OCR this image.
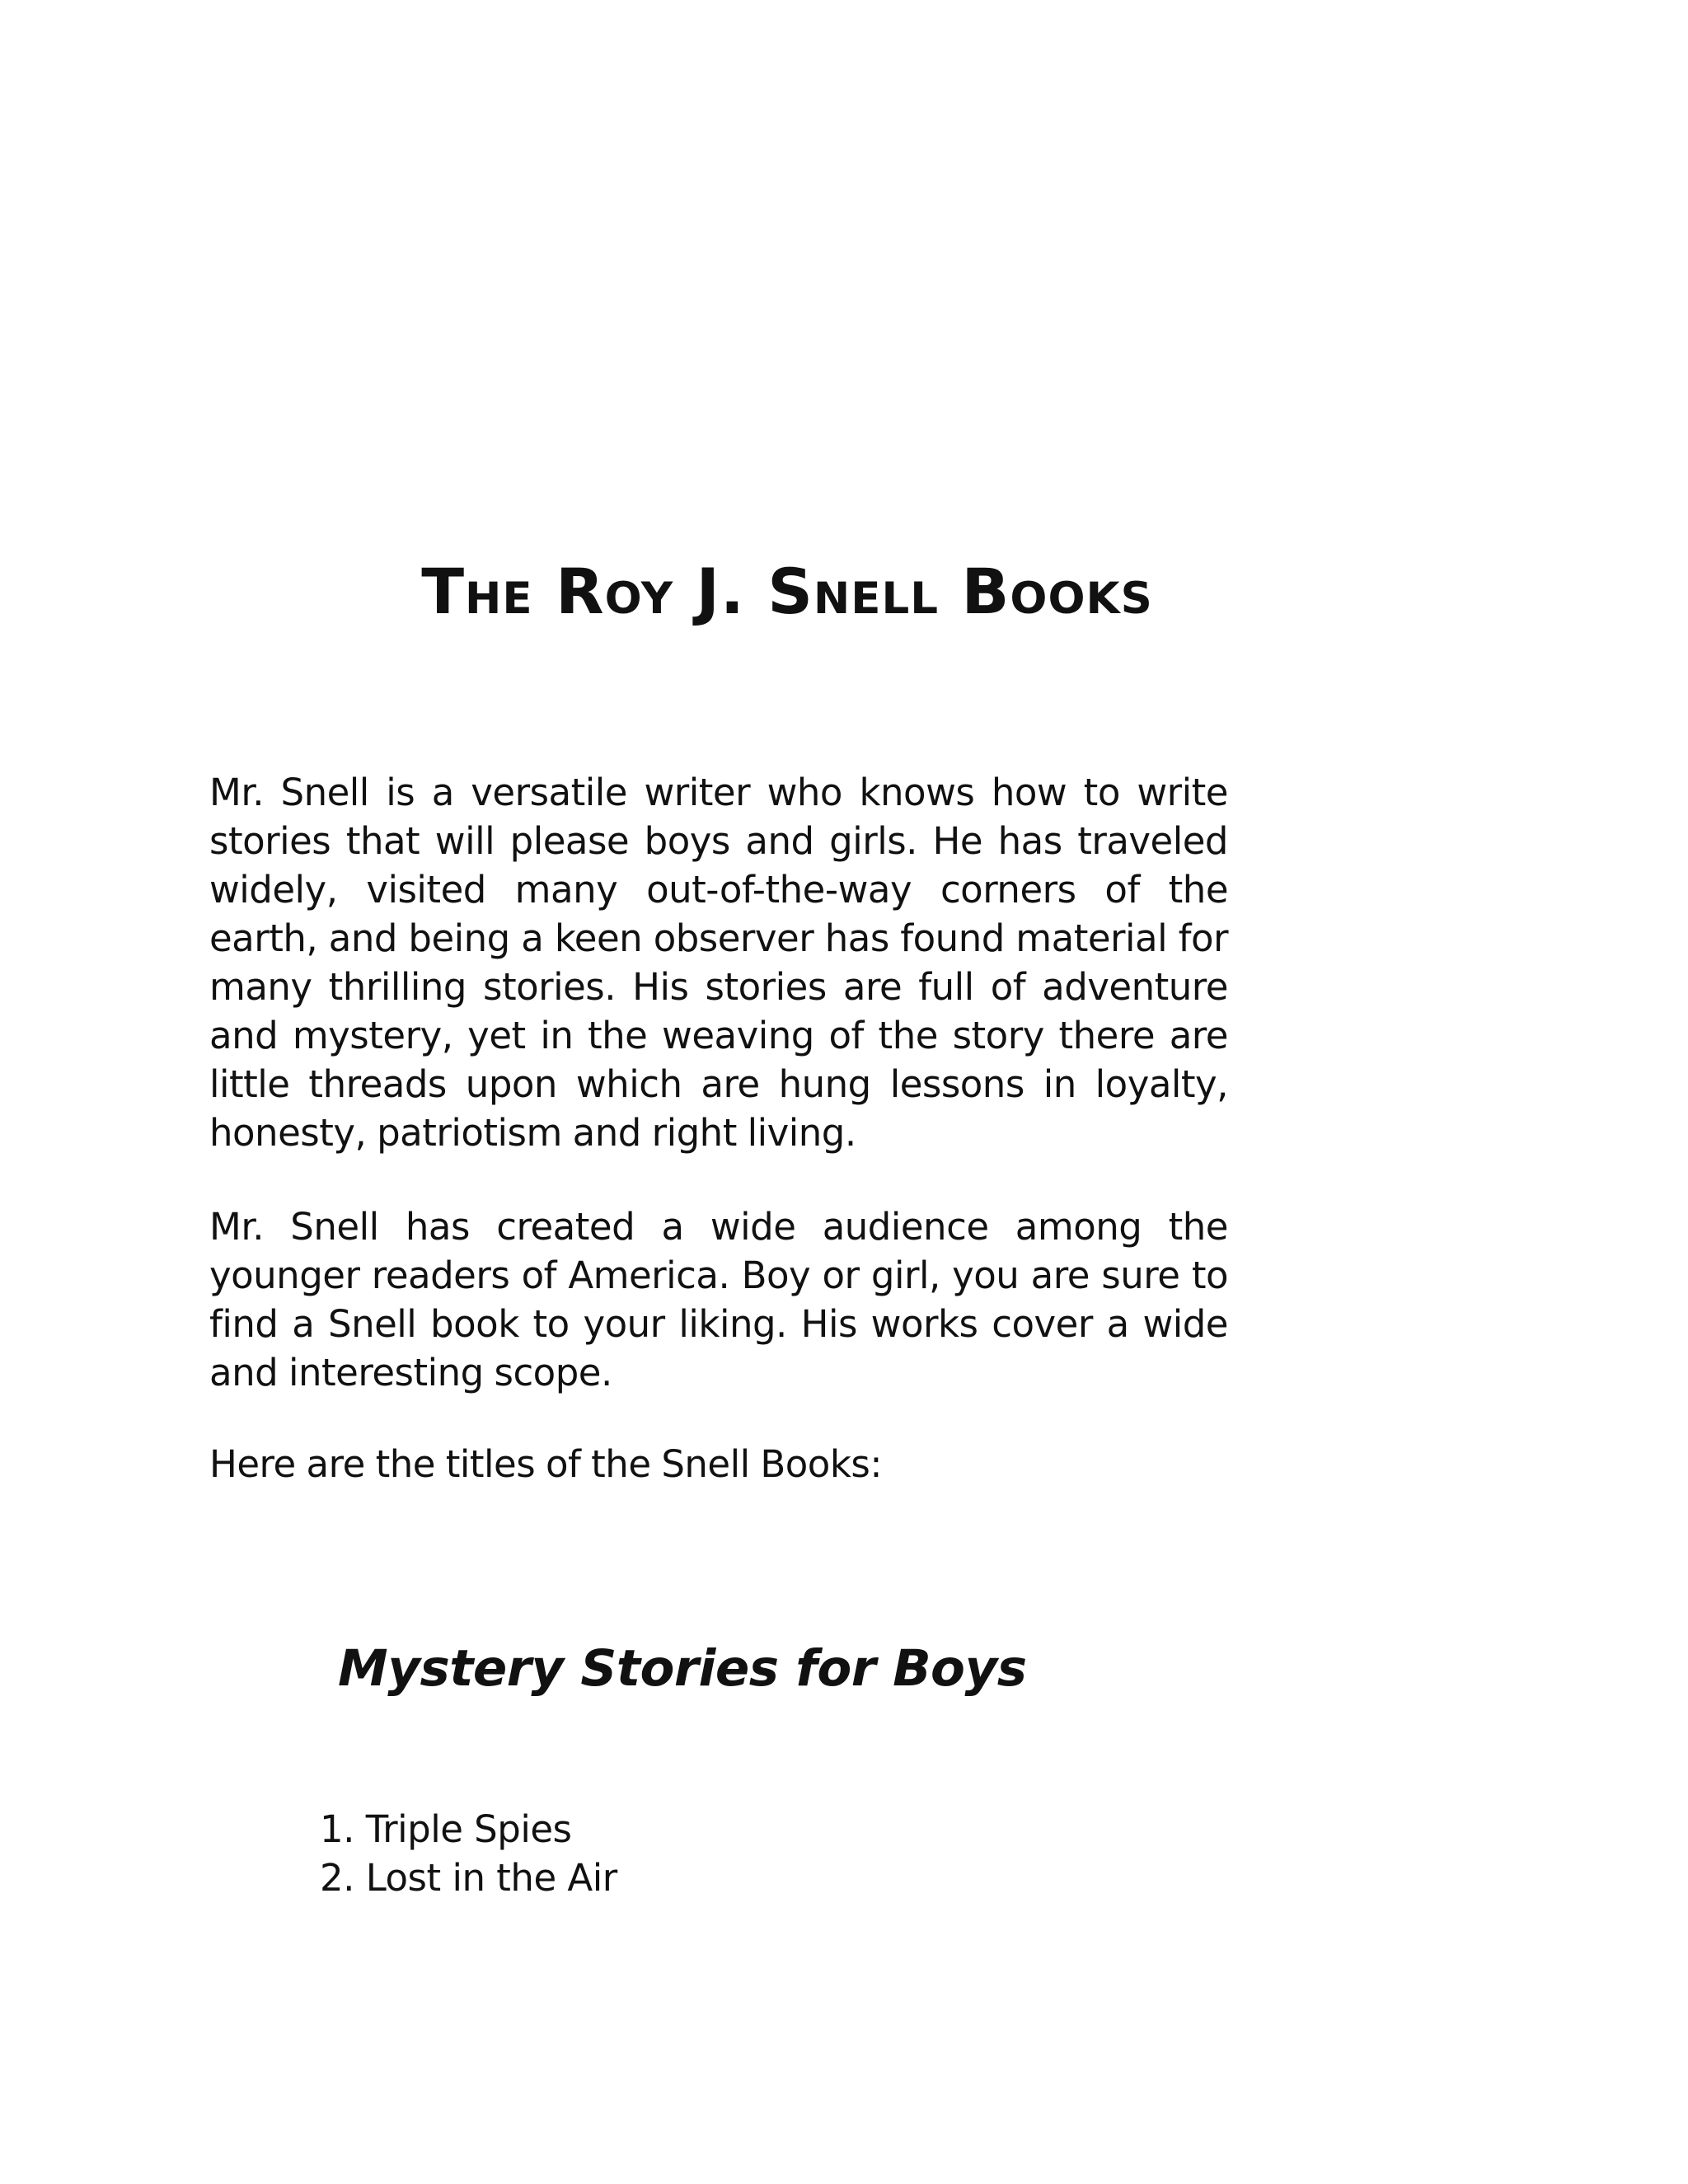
The Roy J. Snell Books

Mr. Snell is a versatile writer who knows how to write stories that will please boys and girls. He has traveled widely, visited many out-of-the-way corners of the earth, and being a keen observer has found material for many thrilling stories. His stories are full of adventure and mystery, yet in the weaving of the story there are little threads upon which are hung lessons in loyalty, honesty, patriotism and right living.

Mr. Snell has created a wide audience among the younger readers of America. Boy or girl, you are sure to find a Snell book to your liking. His works cover a wide and interesting scope.

Here are the titles of the Snell Books:

Mystery Stories for Boys
1. Triple Spies
2. Lost in the Air
